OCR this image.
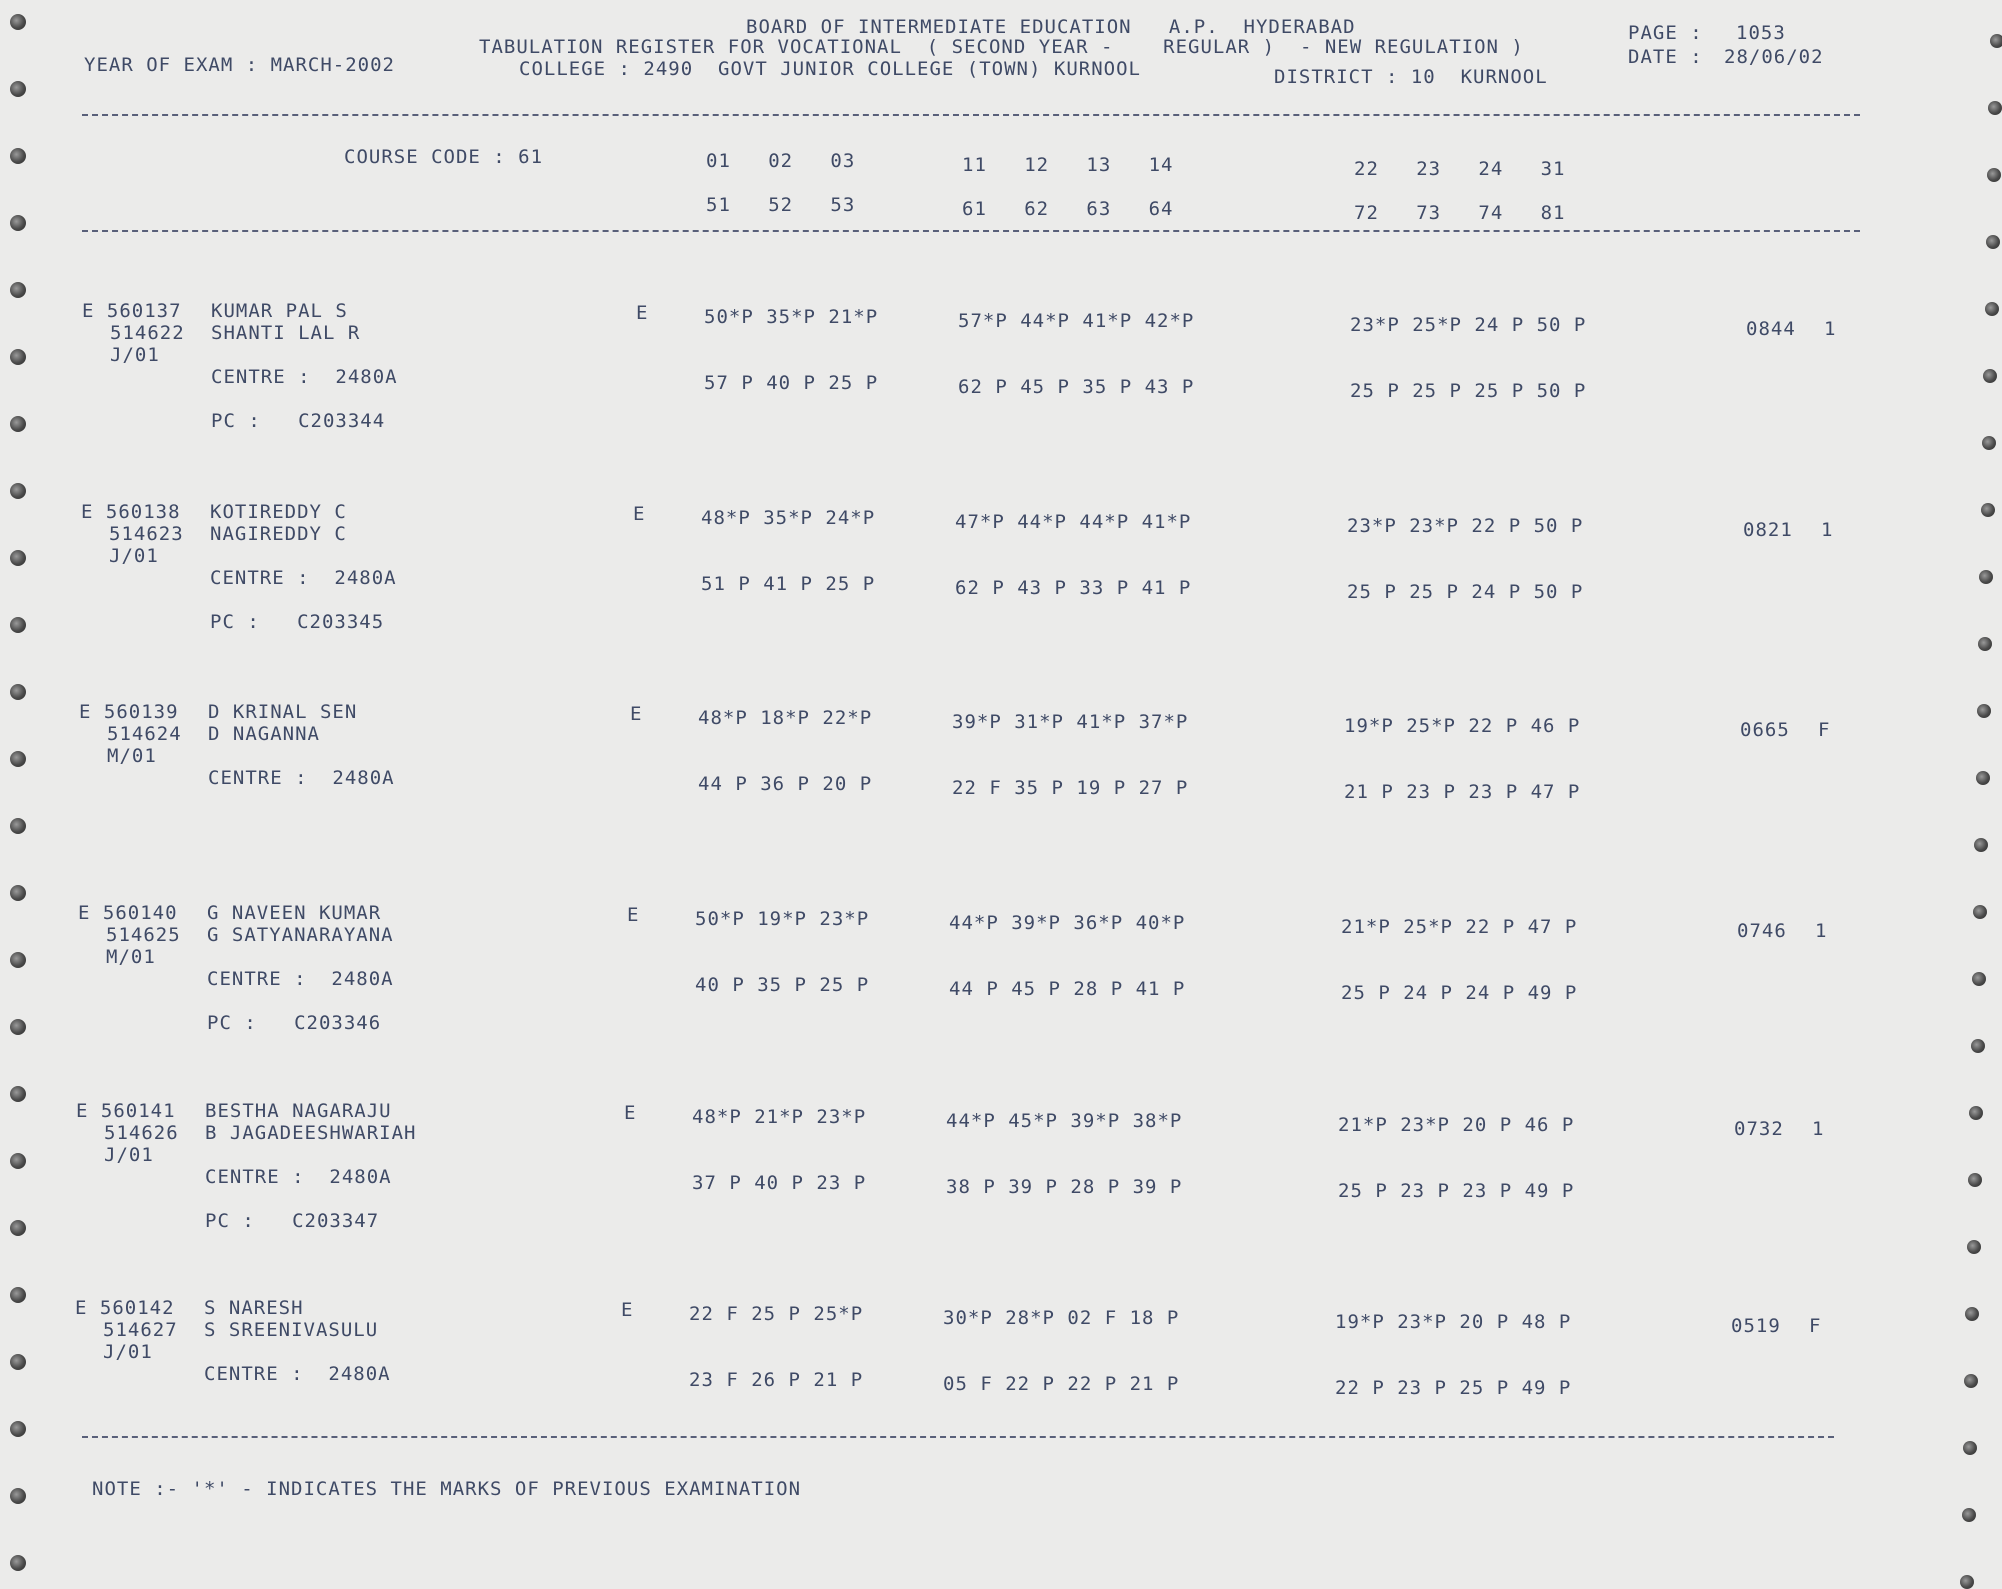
BOARD OF INTERMEDIATE EDUCATION   A.P.  HYDERABAD	PAGE : 1053
TABULATION REGISTER FOR VOCATIONAL  ( SECOND YEAR -    REGULAR )  - NEW REGULATION )	DATE : 28/06/02
YEAR OF EXAM : MARCH-2002	COLLEGE : 2490  GOVT JUNIOR COLLEGE (TOWN) KURNOOL	DISTRICT : 10  KURNOOL
COURSE CODE : 61	01   02   03	11   12   13   14	22   23   24   31
51   52   53	61   62   63   64	72   73   74   81
E 560137 KUMAR PAL S	E	50*P 35*P 21*P	57*P 44*P 41*P 42*P	23*P 25*P 24 P 50 P	0844 1
514622 SHANTI LAL R
J/01
CENTRE :  2480A	57 P 40 P 25 P	62 P 45 P 35 P 43 P	25 P 25 P 25 P 50 P
PC :   C203344
E 560138 KOTIREDDY C	E	48*P 35*P 24*P	47*P 44*P 44*P 41*P	23*P 23*P 22 P 50 P	0821 1
514623 NAGIREDDY C
J/01
CENTRE :  2480A	51 P 41 P 25 P	62 P 43 P 33 P 41 P	25 P 25 P 24 P 50 P
PC :   C203345
E 560139 D KRINAL SEN	E	48*P 18*P 22*P	39*P 31*P 41*P 37*P	19*P 25*P 22 P 46 P	0665 F
514624 D NAGANNA
M/01
CENTRE :  2480A	44 P 36 P 20 P	22 F 35 P 19 P 27 P	21 P 23 P 23 P 47 P
E 560140 G NAVEEN KUMAR	E	50*P 19*P 23*P	44*P 39*P 36*P 40*P	21*P 25*P 22 P 47 P	0746 1
514625 G SATYANARAYANA
M/01
CENTRE :  2480A	40 P 35 P 25 P	44 P 45 P 28 P 41 P	25 P 24 P 24 P 49 P
PC :   C203346
E 560141 BESTHA NAGARAJU	E	48*P 21*P 23*P	44*P 45*P 39*P 38*P	21*P 23*P 20 P 46 P	0732 1
514626 B JAGADEESHWARIAH
J/01
CENTRE :  2480A	37 P 40 P 23 P	38 P 39 P 28 P 39 P	25 P 23 P 23 P 49 P
PC :   C203347
E 560142 S NARESH	E	22 F 25 P 25*P	30*P 28*P 02 F 18 P	19*P 23*P 20 P 48 P	0519 F
514627 S SREENIVASULU
J/01
CENTRE :  2480A	23 F 26 P 21 P	05 F 22 P 22 P 21 P	22 P 23 P 25 P 49 P
NOTE :- '*' - INDICATES THE MARKS OF PREVIOUS EXAMINATION
